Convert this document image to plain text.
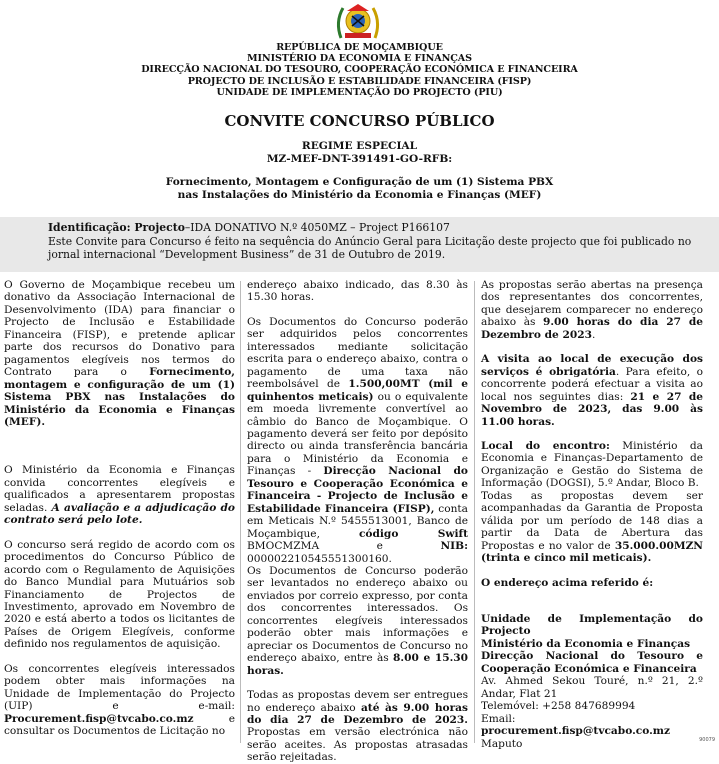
REPÚBLICA DE MOÇAMBIQUE
MINISTÉRIO DA ECONOMIA E FINANÇAS
DIRECÇÃO NACIONAL DO TESOURO, COOPERAÇÃO ECONÓMICA E FINANCEIRA
PROJECTO DE INCLUSÃO E ESTABILIDADE FINANCEIRA (FISP)
UNIDADE DE IMPLEMENTAÇÃO DO PROJECTO (PIU)
CONVITE CONCURSO PÚBLICO
REGIME ESPECIAL
MZ-MEF-DNT-391491-GO-RFB:
Fornecimento, Montagem e Configuração de um (1) Sistema PBX
nas Instalações do Ministério da Economia e Finanças (MEF)
Identificação: Projecto–IDA DONATIVO N.º 4050MZ – Project P166107
Este Convite para Concurso é feito na sequência do Anúncio Geral para Licitação deste projecto que foi publicado no jornal internacional “Development Business” de 31 de Outubro de 2019.

O Governo de Moçambique recebeu um donativo da Associação Internacional de Desenvolvimento (IDA) para financiar o Projecto de Inclusão e Estabilidade Financeira (FISP), e pretende aplicar parte dos recursos do Donativo para pagamentos elegíveis nos termos do Contrato para o Fornecimento, montagem e configuração de um (1) Sistema PBX nas Instalações do Ministério da Economia e Finanças (MEF).

O Ministério da Economia e Finanças convida concorrentes elegíveis e qualificados a apresentarem propostas seladas. A avaliação e a adjudicação do contrato será pelo lote.

O concurso será regido de acordo com os procedimentos do Concurso Público de acordo com o Regulamento de Aquisições do Banco Mundial para Mutuários sob Financiamento de Projectos de Investimento, aprovado em Novembro de 2020 e está aberto a todos os licitantes de Países de Origem Elegíveis, conforme definido nos regulamentos de aquisição.

Os concorrentes elegíveis interessados podem obter mais informações na Unidade de Implementação do Projecto (UIP) e e-mail: Procurement.fisp@tvcabo.co.mz e consultar os Documentos de Licitação no

endereço abaixo indicado, das 8.30 às 15.30 horas.

Os Documentos do Concurso poderão ser adquiridos pelos concorrentes interessados mediante solicitação escrita para o endereço abaixo, contra o pagamento de uma taxa não reembolsável de 1.500,00MT (mil e quinhentos meticais) ou o equivalente em moeda livremente convertível ao câmbio do Banco de Moçambique. O pagamento deverá ser feito por depósito directo ou ainda transferência bancária para o Ministério da Economia e Finanças - Direcção Nacional do Tesouro e Cooperação Económica e Financeira - Projecto de Inclusão e Estabilidade Financeira (FISP), conta em Meticais N.º 5455513001, Banco de Moçambique, código Swift BMOCMZMA e NIB: 000002210545551300160.

Os Documentos de Concurso poderão ser levantados no endereço abaixo ou enviados por correio expresso, por conta dos concorrentes interessados. Os concorrentes elegíveis interessados poderão obter mais informações e apreciar os Documentos de Concurso no endereço abaixo, entre às 8.00 e 15.30 horas.

Todas as propostas devem ser entregues no endereço abaixo até às 9.00 horas do dia 27 de Dezembro de 2023. Propostas em versão electrónica não serão aceites. As propostas atrasadas serão rejeitadas.

As propostas serão abertas na presença dos representantes dos concorrentes, que desejarem comparecer no endereço abaixo às 9.00 horas do dia 27 de Dezembro de 2023.

A visita ao local de execução dos serviços é obrigatória. Para efeito, o concorrente poderá efectuar a visita ao local nos seguintes dias: 21 e 27 de Novembro de 2023, das 9.00 às 11.00 horas.

Local do encontro: Ministério da Economia e Finanças-Departamento de Organização e Gestão do Sistema de Informação (DOGSI), 5.º Andar, Bloco B.

Todas as propostas devem ser acompanhadas da Garantia de Proposta válida por um período de 148 dias a partir da Data de Abertura das Propostas e no valor de 35.000.00MZN (trinta e cinco mil meticais).

O endereço acima referido é:

Unidade de Implementação do Projecto

Ministério da Economia e Finanças

Direcção Nacional do Tesouro e Cooperação Económica e Financeira

Av. Ahmed Sekou Touré, n.º 21, 2.º Andar, Flat 21

Telemóvel: +258 847689994

Email: procurement.fisp@tvcabo.co.mz

Maputo	90079
